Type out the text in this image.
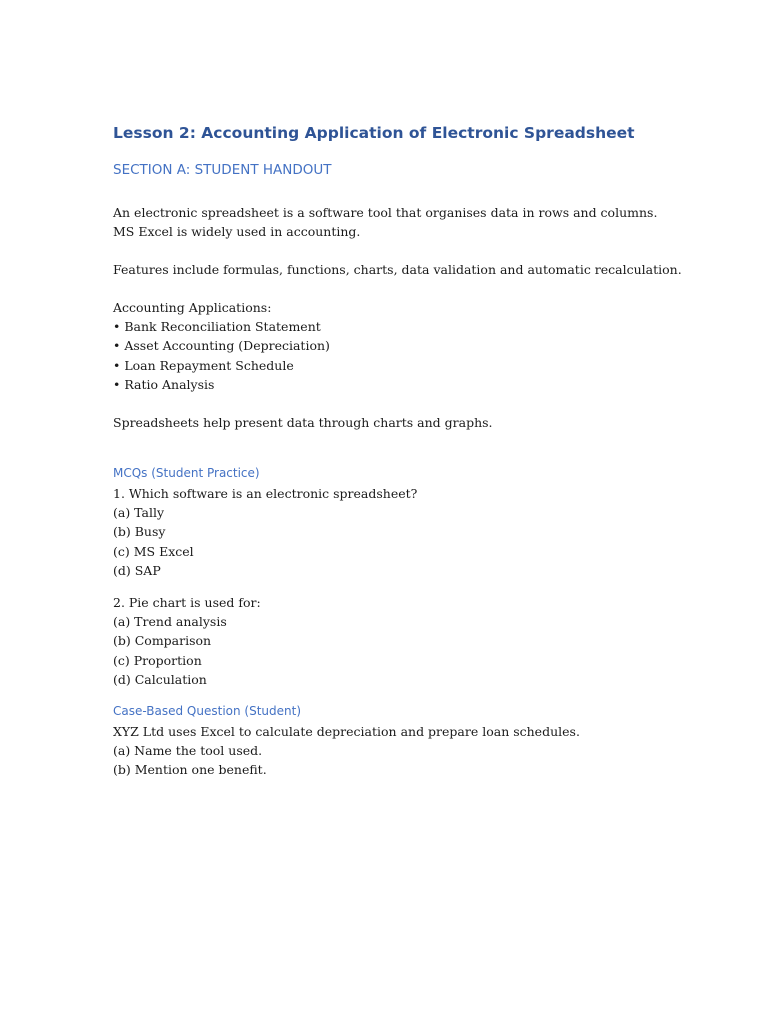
Lesson 2: Accounting Application of Electronic Spreadsheet
SECTION A: STUDENT HANDOUT
An electronic spreadsheet is a software tool that organises data in rows and columns.
MS Excel is widely used in accounting.
Features include formulas, functions, charts, data validation and automatic recalculation.
Accounting Applications:
• Bank Reconciliation Statement
• Asset Accounting (Depreciation)
• Loan Repayment Schedule
• Ratio Analysis
Spreadsheets help present data through charts and graphs.
MCQs (Student Practice)
1. Which software is an electronic spreadsheet?
(a) Tally
(b) Busy
(c) MS Excel
(d) SAP
2. Pie chart is used for:
(a) Trend analysis
(b) Comparison
(c) Proportion
(d) Calculation
Case-Based Question (Student)
XYZ Ltd uses Excel to calculate depreciation and prepare loan schedules.
(a) Name the tool used.
(b) Mention one benefit.
